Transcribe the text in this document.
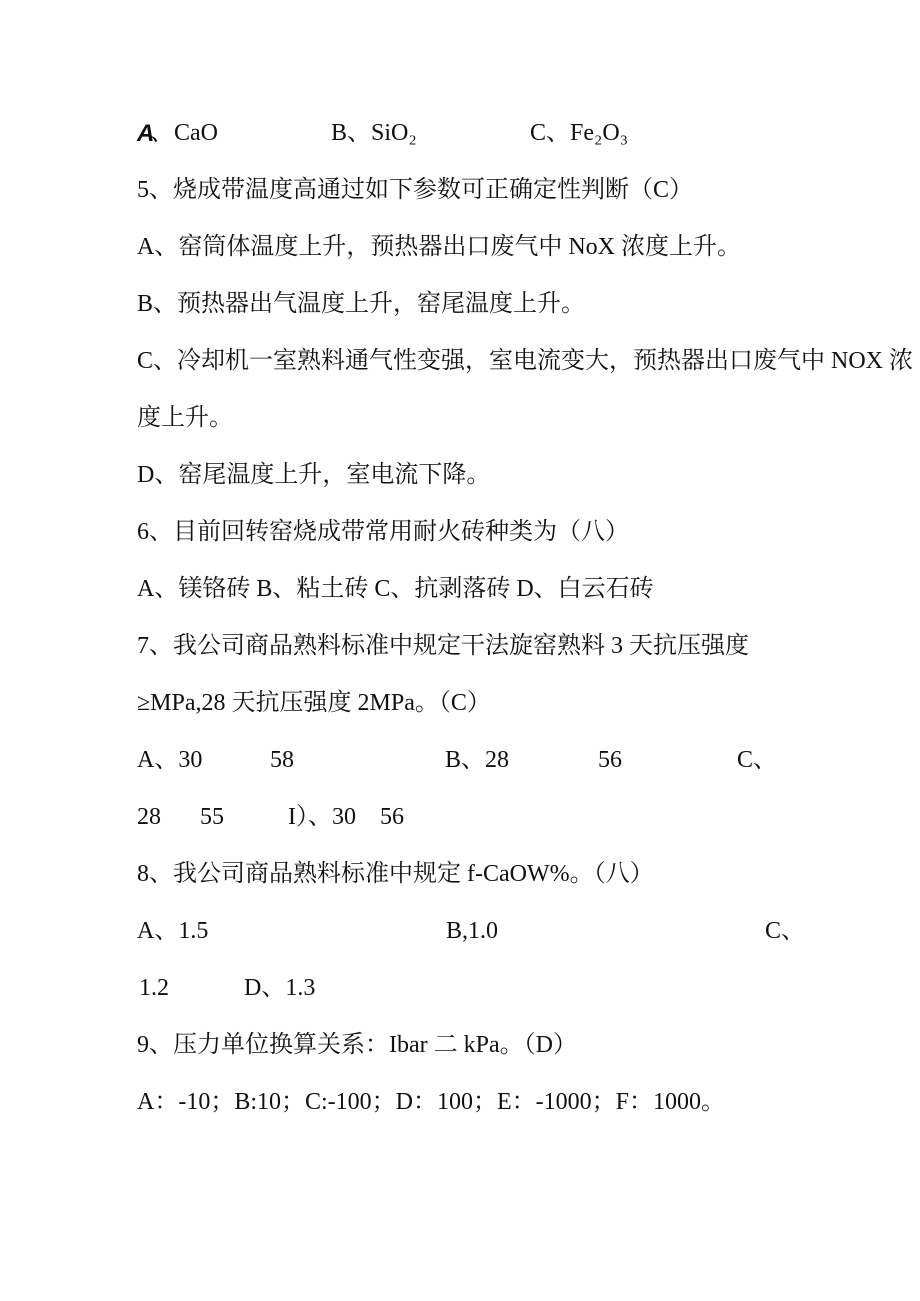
A
、CaO	B、SiO₂	C、Fe₂O₃
5、烧成带温度高通过如下参数可正确定性判断（C）
A、窑筒体温度上升，预热器出口废气中 NoX 浓度上升。
B、预热器出气温度上升，窑尾温度上升。
C、冷却机一室熟料通气性变强，室电流变大，预热器出口废气中 NOX 浓
度上升。
D、窑尾温度上升，室电流下降。
6、目前回转窑烧成带常用耐火砖种类为（八）
A、镁铬砖 B、粘土砖 C、抗剥落砖 D、白云石砖
7、我公司商品熟料标准中规定干法旋窑熟料 3 天抗压强度
≥MPa,28 天抗压强度 2MPa。（C）
A、30	58	B、28	56	C、
28 55	I）、30 56
8、我公司商品熟料标准中规定 f-CaOW%。（八）
A、1.5	B,1.0	C、
1.2	D、1.3
9、压力单位换算关系：Ibar 二 kPa。（D）
A：-10；B:10；C:-100；D：100；E：-1000；F：1000。
